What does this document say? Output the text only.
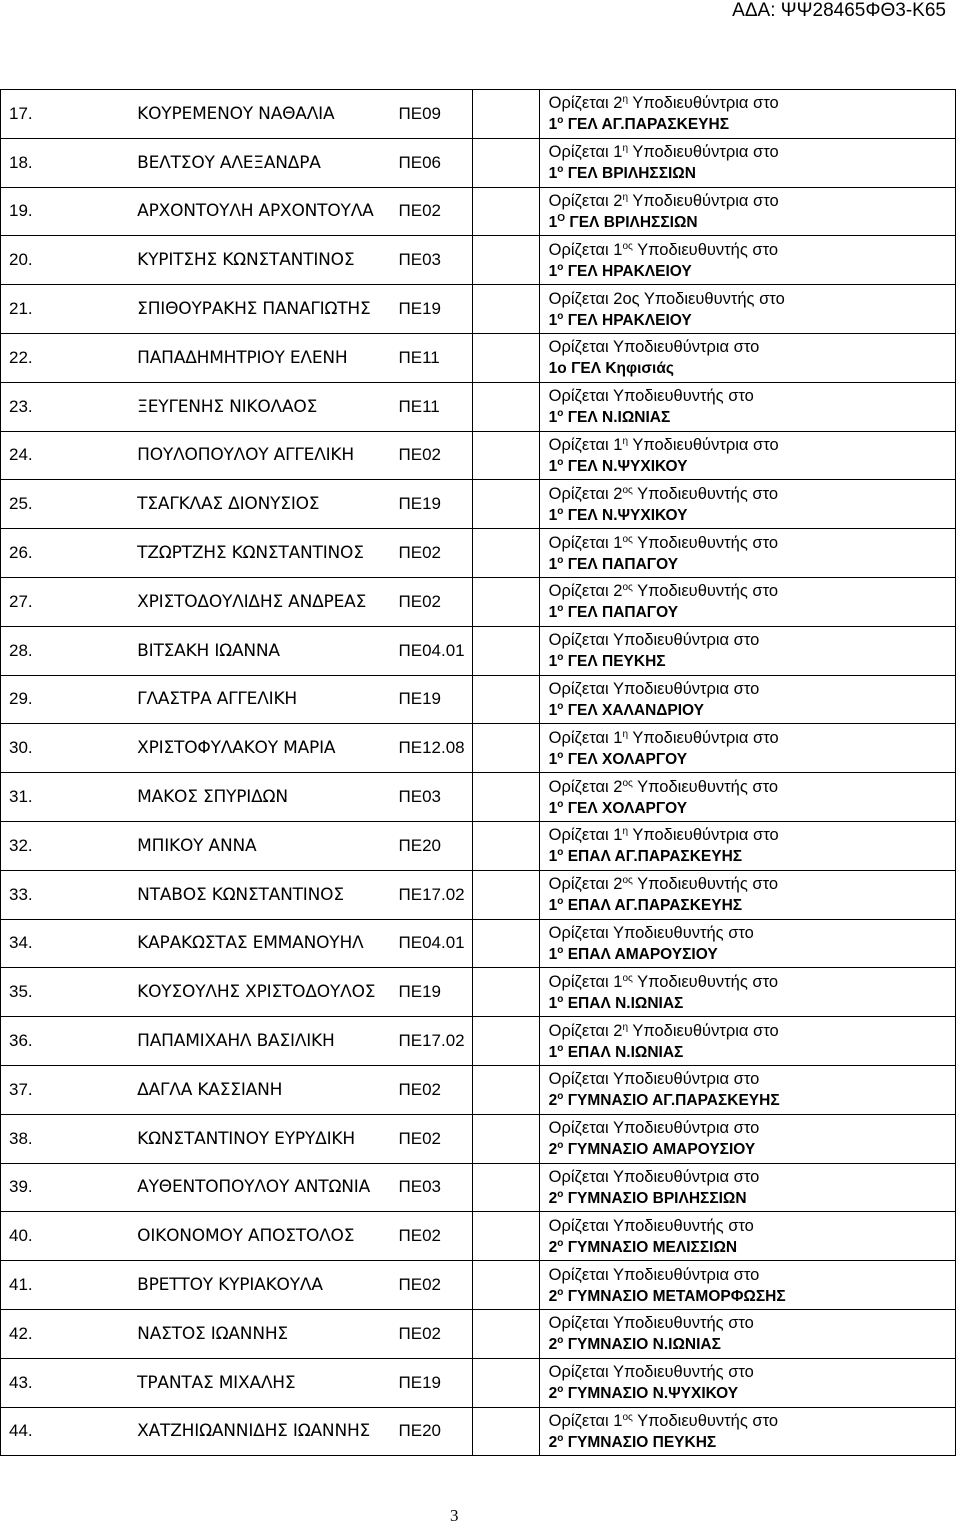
ΑΔΑ: ΨΨ28465ΦΘ3-Κ65
17.	ΚΟΥΡΕΜΕΝΟΥ ΝΑΘΑΛΙΑ ΠΕ09		Ορίζεται $2^\eta$ Υποδιευθύντρια στο
$1^o$ ΓΕΛ ΑΓ.ΠΑΡΑΣΚΕΥΗΣ

18.	ΒΕΛΤΣΟΥ ΑΛΕΞΑΝΔΡΑ ΠΕ06		Ορίζεται $1^\eta$ Υποδιευθύντρια στο
$1^o$ ΓΕΛ ΒΡΙΛΗΣΣΙΩΝ

19.	ΑΡΧΟΝΤΟΥΛΗ ΑΡΧΟΝΤΟΥΛΑ ΠΕ02		Ορίζεται $2^\eta$ Υποδιευθύντρια στο
$1^O$ ΓΕΛ ΒΡΙΛΗΣΣΙΩΝ

20.	ΚΥΡΙΤΣΗΣ ΚΩΝΣΤΑΝΤΙΝΟΣ ΠΕ03		Ορίζεται $1^{o\varsigma}$ Υποδιευθυντής στο
$1^o$ ΓΕΛ ΗΡΑΚΛΕΙΟΥ

21.	ΣΠΙΘΟΥΡΑΚΗΣ ΠΑΝΑΓΙΩΤΗΣ ΠΕ19		Ορίζεται 2ος Υποδιευθυντής στο
$1^o$ ΓΕΛ ΗΡΑΚΛΕΙΟΥ

22.	ΠΑΠΑΔΗΜΗΤΡΙΟΥ ΕΛΕΝΗ ΠΕ11		Ορίζεται Υποδιευθύντρια στο
1ο ΓΕΛ Κηφισιάς

23.	ΞΕΥΓΕΝΗΣ ΝΙΚΟΛΑΟΣ ΠΕ11		Ορίζεται Υποδιευθυντής στο
$1^o$ ΓΕΛ Ν.ΙΩΝΙΑΣ

24.	ΠΟΥΛΟΠΟΥΛΟΥ ΑΓΓΕΛΙΚΗ ΠΕ02		Ορίζεται $1^\eta$ Υποδιευθύντρια στο
$1^o$ ΓΕΛ Ν.ΨΥΧΙΚΟΥ

25.	ΤΣΑΓΚΛΑΣ ΔΙΟΝΥΣΙΟΣ ΠΕ19		Ορίζεται $2^{o\varsigma}$ Υποδιευθυντής στο
$1^o$ ΓΕΛ Ν.ΨΥΧΙΚΟΥ

26.	ΤΖΩΡΤΖΗΣ ΚΩΝΣΤΑΝΤΙΝΟΣ ΠΕ02		Ορίζεται $1^{o\varsigma}$ Υποδιευθυντής στο
$1^o$ ΓΕΛ ΠΑΠΑΓΟΥ

27.	ΧΡΙΣΤΟΔΟΥΛΙΔΗΣ ΑΝΔΡΕΑΣ ΠΕ02		Ορίζεται $2^{o\varsigma}$ Υποδιευθυντής στο
$1^o$ ΓΕΛ ΠΑΠΑΓΟΥ

28.	ΒΙΤΣΑΚΗ ΙΩΑΝΝΑ ΠΕ04.01		Ορίζεται Υποδιευθύντρια στο
$1^o$ ΓΕΛ ΠΕΥΚΗΣ

29.	ΓΛΑΣΤΡΑ ΑΓΓΕΛΙΚΗ ΠΕ19		Ορίζεται Υποδιευθύντρια στο
$1^o$ ΓΕΛ ΧΑΛΑΝΔΡΙΟΥ

30.	ΧΡΙΣΤΟΦΥΛΑΚΟΥ ΜΑΡΙΑ ΠΕ12.08		Ορίζεται $1^\eta$ Υποδιευθύντρια στο
$1^o$ ΓΕΛ ΧΟΛΑΡΓΟΥ

31.	ΜΑΚΟΣ ΣΠΥΡΙΔΩΝ ΠΕ03		Ορίζεται $2^{o\varsigma}$ Υποδιευθυντής στο
$1^o$ ΓΕΛ ΧΟΛΑΡΓΟΥ

32.	ΜΠΙΚΟΥ ΑΝΝΑ ΠΕ20		Ορίζεται $1^\eta$ Υποδιευθύντρια στο
$1^o$ ΕΠΑΛ ΑΓ.ΠΑΡΑΣΚΕΥΗΣ

33.	ΝΤΑΒΟΣ ΚΩΝΣΤΑΝΤΙΝΟΣ ΠΕ17.02		Ορίζεται $2^{o\varsigma}$ Υποδιευθυντής στο
$1^o$ ΕΠΑΛ ΑΓ.ΠΑΡΑΣΚΕΥΗΣ

34.	ΚΑΡΑΚΩΣΤΑΣ ΕΜΜΑΝΟΥΗΛ ΠΕ04.01		Ορίζεται Υποδιευθυντής στο
$1^o$ ΕΠΑΛ ΑΜΑΡΟΥΣΙΟΥ

35.	ΚΟΥΣΟΥΛΗΣ ΧΡΙΣΤΟΔΟΥΛΟΣ ΠΕ19		Ορίζεται $1^{o\varsigma}$ Υποδιευθυντής στο
$1^o$ ΕΠΑΛ Ν.ΙΩΝΙΑΣ

36.	ΠΑΠΑΜΙΧΑΗΛ ΒΑΣΙΛΙΚΗ ΠΕ17.02		Ορίζεται $2^\eta$ Υποδιευθύντρια στο
$1^o$ ΕΠΑΛ Ν.ΙΩΝΙΑΣ

37.	ΔΑΓΛΑ ΚΑΣΣΙΑΝΗ ΠΕ02		Ορίζεται Υποδιευθύντρια στο
$2^o$ ΓΥΜΝΑΣΙΟ ΑΓ.ΠΑΡΑΣΚΕΥΗΣ

38.	ΚΩΝΣΤΑΝΤΙΝΟΥ ΕΥΡΥΔΙΚΗ ΠΕ02		Ορίζεται Υποδιευθύντρια στο
$2^o$ ΓΥΜΝΑΣΙΟ ΑΜΑΡΟΥΣΙΟΥ

39.	ΑΥΘΕΝΤΟΠΟΥΛΟΥ ΑΝΤΩΝΙΑ ΠΕ03		Ορίζεται Υποδιευθύντρια στο
$2^o$ ΓΥΜΝΑΣΙΟ ΒΡΙΛΗΣΣΙΩΝ

40.	ΟΙΚΟΝΟΜΟΥ ΑΠΟΣΤΟΛΟΣ ΠΕ02		Ορίζεται Υποδιευθυντής στο
$2^o$ ΓΥΜΝΑΣΙΟ ΜΕΛΙΣΣΙΩΝ

41.	ΒΡΕΤΤΟΥ ΚΥΡΙΑΚΟΥΛΑ ΠΕ02		Ορίζεται Υποδιευθύντρια στο
$2^o$ ΓΥΜΝΑΣΙΟ ΜΕΤΑΜΟΡΦΩΣΗΣ

42.	ΝΑΣΤΟΣ ΙΩΑΝΝΗΣ ΠΕ02		Ορίζεται Υποδιευθυντής στο
$2^o$ ΓΥΜΝΑΣΙΟ Ν.ΙΩΝΙΑΣ

43.	ΤΡΑΝΤΑΣ ΜΙΧΑΛΗΣ ΠΕ19		Ορίζεται Υποδιευθυντής στο
$2^o$ ΓΥΜΝΑΣΙΟ Ν.ΨΥΧΙΚΟΥ

44.	ΧΑΤΖΗΙΩΑΝΝΙΔΗΣ ΙΩΑΝΝΗΣ ΠΕ20		Ορίζεται $1^{o\varsigma}$ Υποδιευθυντής στο
$2^o$ ΓΥΜΝΑΣΙΟ ΠΕΥΚΗΣ
3
